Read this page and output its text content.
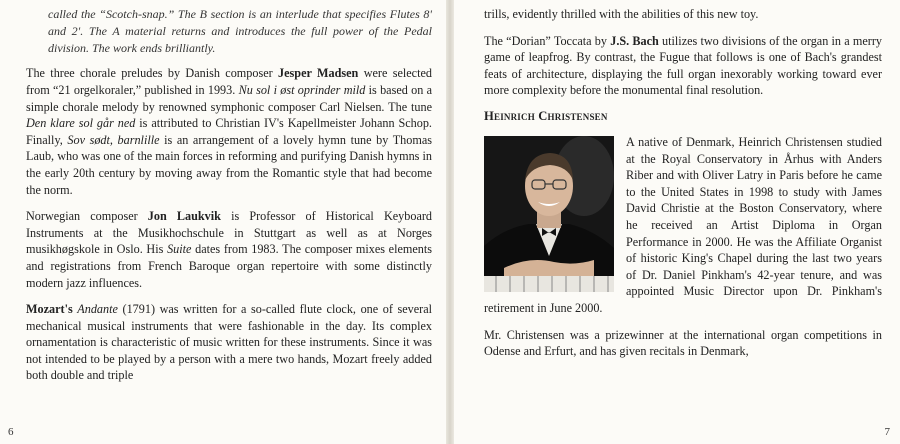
called the “Scotch-snap.” The B section is an interlude that specifies Flutes 8' and 2'. The A material returns and introduces the full power of the Pedal division. The work ends brilliantly.

The three chorale preludes by Danish composer Jesper Madsen were selected from “21 orgelkoraler,” published in 1993. Nu sol i øst oprinder mild is based on a simple chorale melody by renowned symphonic composer Carl Nielsen. The tune Den klare sol går ned is attributed to Christian IV's Kapellmeister Johann Schop. Finally, Sov sødt, barnlille is an arrangement of a lovely hymn tune by Thomas Laub, who was one of the main forces in reforming and purifying Danish hymns in the early 20th century by moving away from the Romantic style that had become the norm.

Norwegian composer Jon Laukvik is Professor of Historical Keyboard Instruments at the Musikhochschule in Stuttgart as well as at Norges musikhøgskole in Oslo. His Suite dates from 1983. The composer mixes elements and registrations from French Baroque organ repertoire with some distinctly modern jazz influences.

Mozart's Andante (1791) was written for a so-called flute clock, one of several mechanical musical instruments that were fashionable in the day. Its complex ornamentation is characteristic of music written for these instruments. Since it was not intended to be played by a person with a mere two hands, Mozart freely added both double and triple

6

trills, evidently thrilled with the abilities of this new toy.

The “Dorian” Toccata by J.S. Bach utilizes two divisions of the organ in a merry game of leapfrog. By contrast, the Fugue that follows is one of Bach's grandest feats of architecture, displaying the full organ inexorably working toward ever more complexity before the monumental final resolution.

Heinrich Christensen

A native of Denmark, Heinrich Christensen studied at the Royal Conservatory in Århus with Anders Riber and with Oliver Latry in Paris before he came to the United States in 1998 to study with James David Christie at the Boston Conservatory, where he received an Artist Diploma in Organ Performance in 2000. He was the Affiliate Organist of historic King's Chapel during the last two years of Dr. Daniel Pinkham's 42-year tenure, and was appointed Music Director upon Dr. Pinkham's retirement in June 2000.

Mr. Christensen was a prizewinner at the international organ competitions in Odense and Erfurt, and has given recitals in Denmark,

7
